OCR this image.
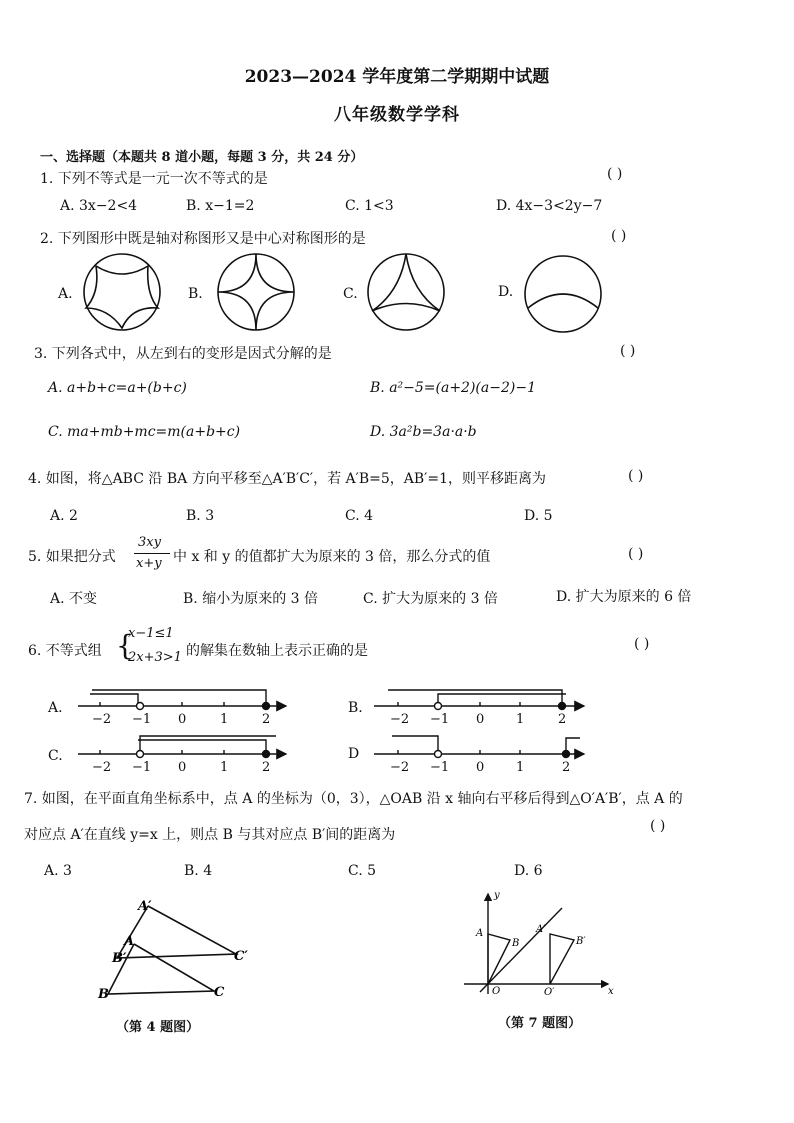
2023—2024 学年度第二学期期中试题
八年级数学学科
一、选择题（本题共 8 道小题，每题 3 分，共 24 分）
1. 下列不等式是一元一次不等式的是	( )
A. 3x−2<4	B. x−1=2	C. 1<3	D. 4x−3<2y−7
2. 下列图形中既是轴对称图形又是中心对称图形的是	( )
A.	B.	C.	D.
3. 下列各式中，从左到右的变形是因式分解的是	( )
A. a+b+c=a+(b+c)	B. a²−5=(a+2)(a−2)−1
C. ma+mb+mc=m(a+b+c)	D. 3a²b=3a·a·b
4. 如图，将△ABC 沿 BA 方向平移至△A′B′C′，若 A′B=5，AB′=1，则平移距离为	( )
A. 2	B. 3	C. 4	D. 5
5. 如果把分式
3xy
x+y 中 x 和 y 的值都扩大为原来的 3 倍，那么分式的值	( )
A. 不变	B. 缩小为原来的 3 倍	C. 扩大为原来的 3 倍	D. 扩大为原来的 6 倍
6. 不等式组 {
x−1≤1
2x+3>1 的解集在数轴上表示正确的是	( )
A.	B.
C.	D
−2 −1 0	1	2	−2 −1 0 1	2
−2 −1 0	1	2	−2 −1 0 1	2
7. 如图，在平面直角坐标系中，点 A 的坐标为（0，3），△OAB 沿 x 轴向右平移后得到△O′A′B′，点 A 的
对应点 A′在直线 y=x 上，则点 B 与其对应点 B′间的距离为
( )
A. 3	B. 4	C. 5	D. 6
A′
A
B′
B
C′
C
（第 4 题图）
y
x
O	O′
A
B
A′
B′
（第 7 题图）
